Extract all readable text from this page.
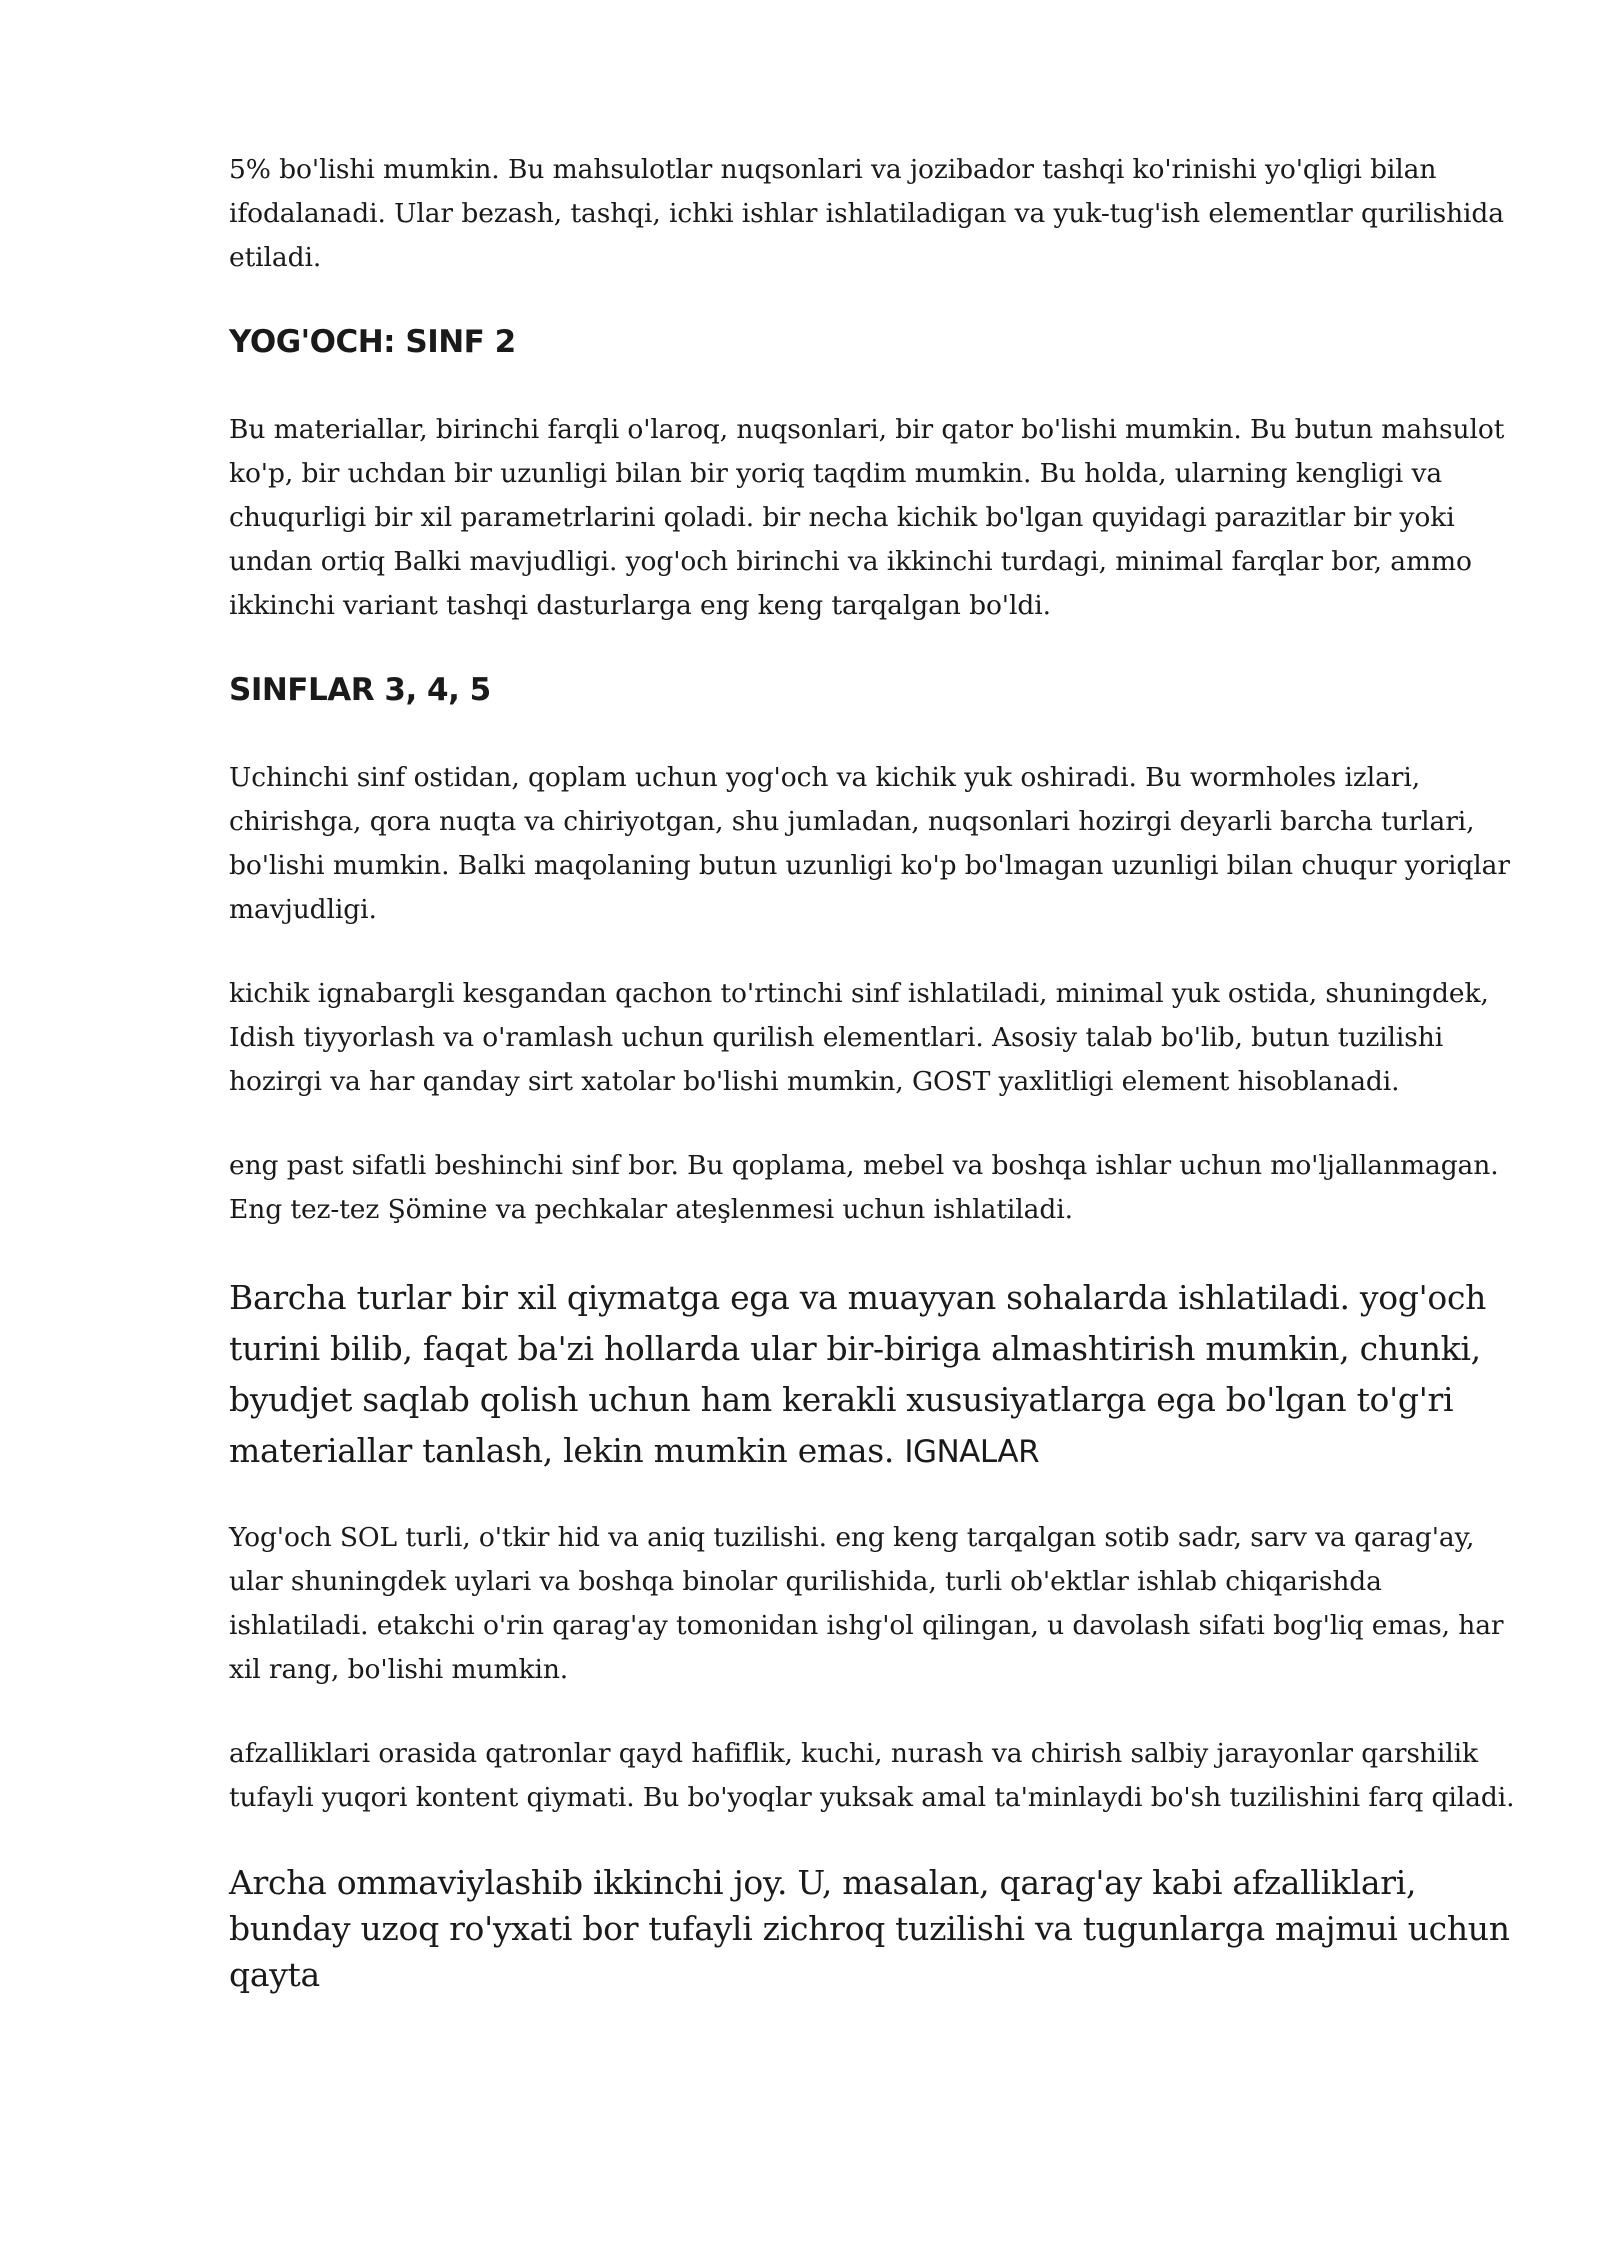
5% bo'lishi mumkin. Bu mahsulotlar nuqsonlari va jozibador tashqi ko'rinishi yo'qligi bilan ifodalanadi. Ular bezash, tashqi, ichki ishlar ishlatiladigan va yuk-tug'ish elementlar qurilishida etiladi.

YOG'OCH: SINF 2

Bu materiallar, birinchi farqli o'laroq, nuqsonlari, bir qator bo'lishi mumkin. Bu butun mahsulot ko'p, bir uchdan bir uzunligi bilan bir yoriq taqdim mumkin. Bu holda, ularning kengligi va chuqurligi bir xil parametrlarini qoladi. bir necha kichik bo'lgan quyidagi parazitlar bir yoki undan ortiq Balki mavjudligi. yog'och birinchi va ikkinchi turdagi, minimal farqlar bor, ammo ikkinchi variant tashqi dasturlarga eng keng tarqalgan bo'ldi.

SINFLAR 3, 4, 5

Uchinchi sinf ostidan, qoplam uchun yog'och va kichik yuk oshiradi. Bu wormholes izlari, chirishga, qora nuqta va chiriyotgan, shu jumladan, nuqsonlari hozirgi deyarli barcha turlari, bo'lishi mumkin. Balki maqolaning butun uzunligi ko'p bo'lmagan uzunligi bilan chuqur yoriqlar mavjudligi.

kichik ignabargli kesgandan qachon to'rtinchi sinf ishlatiladi, minimal yuk ostida, shuningdek, Idish tiyyorlash va o'ramlash uchun qurilish elementlari. Asosiy talab bo'lib, butun tuzilishi hozirgi va har qanday sirt xatolar bo'lishi mumkin, GOST yaxlitligi element hisoblanadi.

eng past sifatli beshinchi sinf bor. Bu qoplama, mebel va boshqa ishlar uchun mo'ljallanmagan. Eng tez-tez Şömine va pechkalar ateşlenmesi uchun ishlatiladi.

Barcha turlar bir xil qiymatga ega va muayyan sohalarda ishlatiladi. yog'och turini bilib, faqat ba'zi hollarda ular bir-biriga almashtirish mumkin, chunki, byudjet saqlab qolish uchun ham kerakli xususiyatlarga ega bo'lgan to'g'ri materiallar tanlash, lekin mumkin emas. IGNALAR

Yog'och SOL turli, o'tkir hid va aniq tuzilishi. eng keng tarqalgan sotib sadr, sarv va qarag'ay, ular shuningdek uylari va boshqa binolar qurilishida, turli ob'ektlar ishlab chiqarishda ishlatiladi. etakchi o'rin qarag'ay tomonidan ishg'ol qilingan, u davolash sifati bog'liq emas, har xil rang, bo'lishi mumkin.

afzalliklari orasida qatronlar qayd hafiflik, kuchi, nurash va chirish salbiy jarayonlar qarshilik tufayli yuqori kontent qiymati. Bu bo'yoqlar yuksak amal ta'minlaydi bo'sh tuzilishini farq qiladi.

Archa ommaviylashib ikkinchi joy. U, masalan, qarag'ay kabi afzalliklari, bunday uzoq ro'yxati bor tufayli zichroq tuzilishi va tugunlarga majmui uchun qayta
